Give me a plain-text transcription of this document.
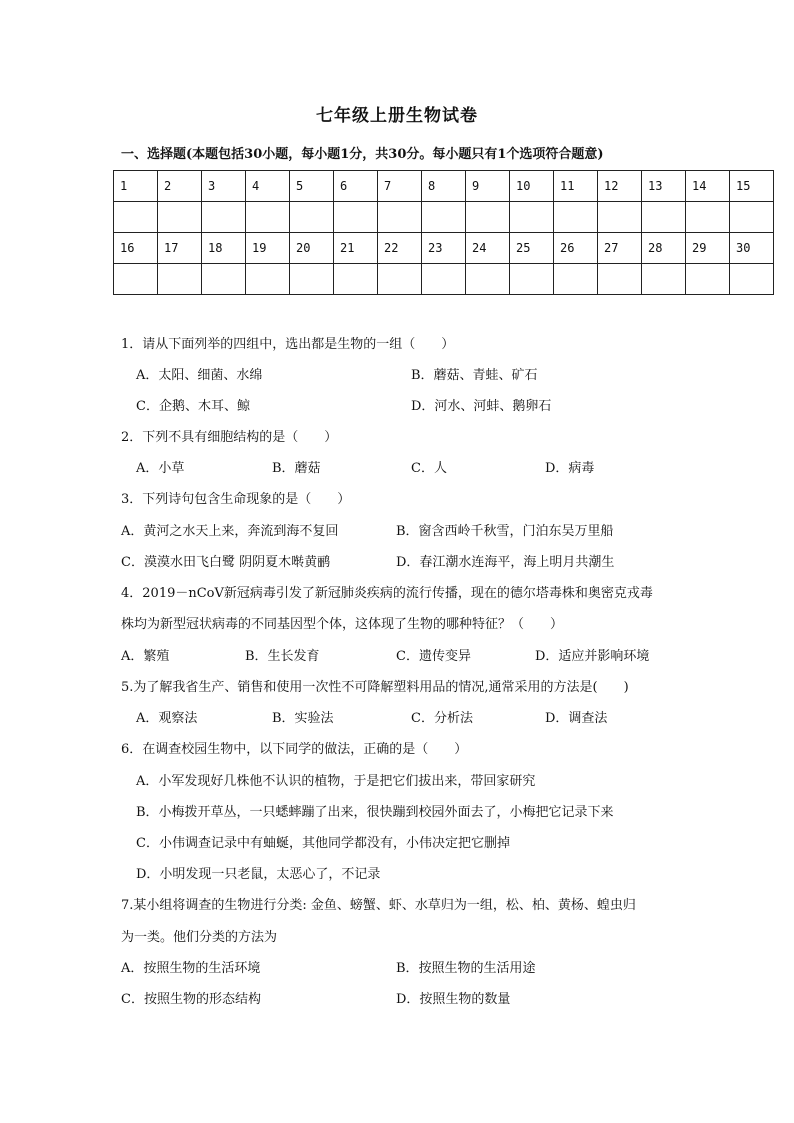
七年级上册生物试卷
一、选择题(本题包括30小题，每小题1分，共30分。每小题只有1个选项符合题意)
1	2	3	4	5	6	7	8	9	10	11	12	13	14	15

16	17	18	19	20	21	22	23	24	25	26	27	28	29	30

1．请从下面列举的四组中，选出都是生物的一组（　　）
A．太阳、细菌、水绵	B．蘑菇、青蛙、矿石
C．企鹅、木耳、鲸	D．河水、河蚌、鹅卵石
2．下列不具有细胞结构的是（　　）
A．小草	B．蘑菇	C．人	D．病毒
3．下列诗句包含生命现象的是（　　）
A．黄河之水天上来，奔流到海不复回	B．窗含西岭千秋雪，门泊东吴万里船
C．漠漠水田飞白鹭 阴阴夏木啭黄鹂	D．春江潮水连海平，海上明月共潮生
4．2019－nCoV新冠病毒引发了新冠肺炎疾病的流行传播，现在的德尔塔毒株和奥密克戎毒
株均为新型冠状病毒的不同基因型个体，这体现了生物的哪种特征？（　　）
A．繁殖	B．生长发育	C．遗传变异	D．适应并影响环境
5.为了解我省生产、销售和使用一次性不可降解塑料用品的情况,通常采用的方法是(　　)
A．观察法	B．实验法	C．分析法	D．调查法
6．在调查校园生物中，以下同学的做法，正确的是（　　）
A．小军发现好几株他不认识的植物，于是把它们拔出来，带回家研究
B．小梅拨开草丛，一只蟋蟀蹦了出来，很快蹦到校园外面去了，小梅把它记录下来
C．小伟调查记录中有蚰蜒，其他同学都没有，小伟决定把它删掉
D．小明发现一只老鼠，太恶心了，不记录
7.某小组将调查的生物进行分类: 金鱼、螃蟹、虾、水草归为一组，松、柏、黄杨、蝗虫归
为一类。他们分类的方法为
A．按照生物的生活环境	B．按照生物的生活用途
C．按照生物的形态结构	D．按照生物的数量
